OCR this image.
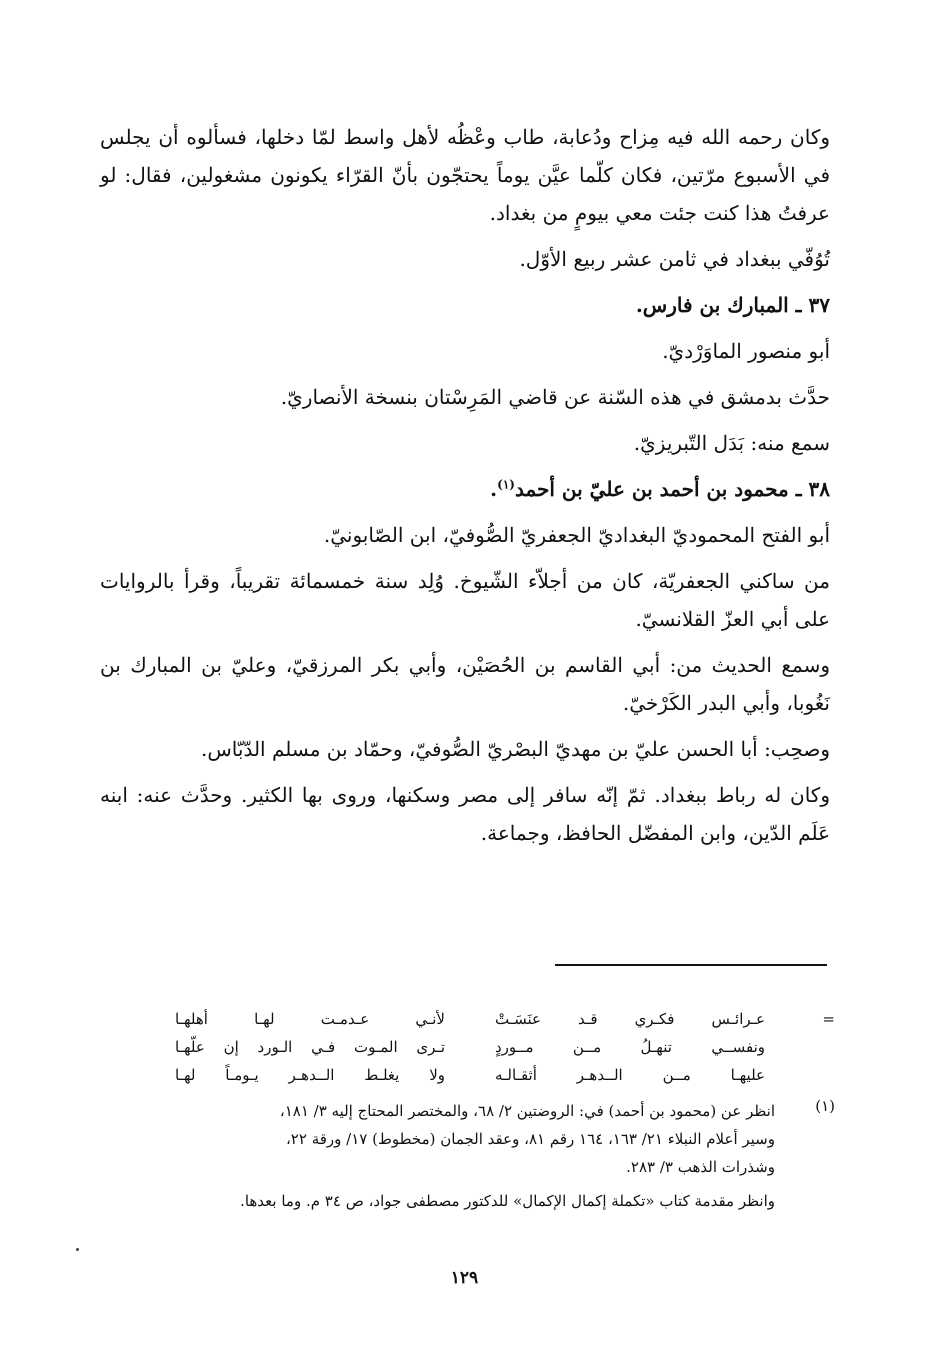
وكان رحمه الله فيه مِزاح ودُعابة، طاب وعْظُه لأهل واسط لمّا دخلها، فسألوه أن يجلس في الأسبوع مرّتين، فكان كلّما عيَّن يوماً يحتجّون بأنّ القرّاء يكونون مشغولين، فقال: لو عرفتُ هذا كنت جئت معي بيومٍ من بغداد.

تُوُفّي ببغداد في ثامن عشر ربيع الأوّل.

٣٧ ـ المبارك بن فارس.

أبو منصور الماوَرْديّ.

حدَّث بدمشق في هذه السّنة عن قاضي المَرِسْتان بنسخة الأنصاريّ.

سمع منه: بَدَل التّبريزيّ.

٣٨ ـ محمود بن أحمد بن عليّ بن أحمد$^{(١)}$.

أبو الفتح المحموديّ البغداديّ الجعفريّ الصُّوفيّ، ابن الصّابونيّ.

من ساكني الجعفريّة، كان من أجلاّء الشّيوخ. وُلِد سنة خمسمائة تقريباً، وقرأ بالروايات على أبي العزّ القلانسيّ.

وسمع الحديث من: أبي القاسم بن الحُصَيْن، وأبي بكر المرزقيّ، وعليّ بن المبارك بن نَغُوبا، وأبي البدر الكَرْخيّ.

وصحِب: أبا الحسن عليّ بن مهديّ البصْريّ الصُّوفيّ، وحمّاد بن مسلم الدّبّاس.

وكان له رباط ببغداد. ثمّ إنّه سافر إلى مصر وسكنها، وروى بها الكثير. وحدَّث عنه: ابنه عَلَم الدّين، وابن المفضّل الحافظ، وجماعة.

=
عـرائـس فكـري قـد عنَسَـتْ
لأنـي عـدمـت لهـا أهلهـا
ونفســي تنهـلُ مــن مــوردٍ
تـرى المـوت فـي الـورد إن علّهـا
عليهـا مــن الــدهـر أثقـالـه
ولا يغلـط الــدهـر يـومـاً لهـا
(١)
انظر عن (محمود بن أحمد) في: الروضتين ٢/ ٦٨، والمختصر المحتاج إليه ٣/ ١٨١،
وسير أعلام النبلاء ٢١/ ١٦٣، ١٦٤ رقم ٨١، وعقد الجمان (مخطوط) ١٧/ ورقة ٢٢،
وشذرات الذهب ٣/ ٢٨٣.
وانظر مقدمة كتاب «تكملة إكمال الإكمال» للدكتور مصطفى جواد، ص ٣٤ م. وما بعدها.
١٢٩
